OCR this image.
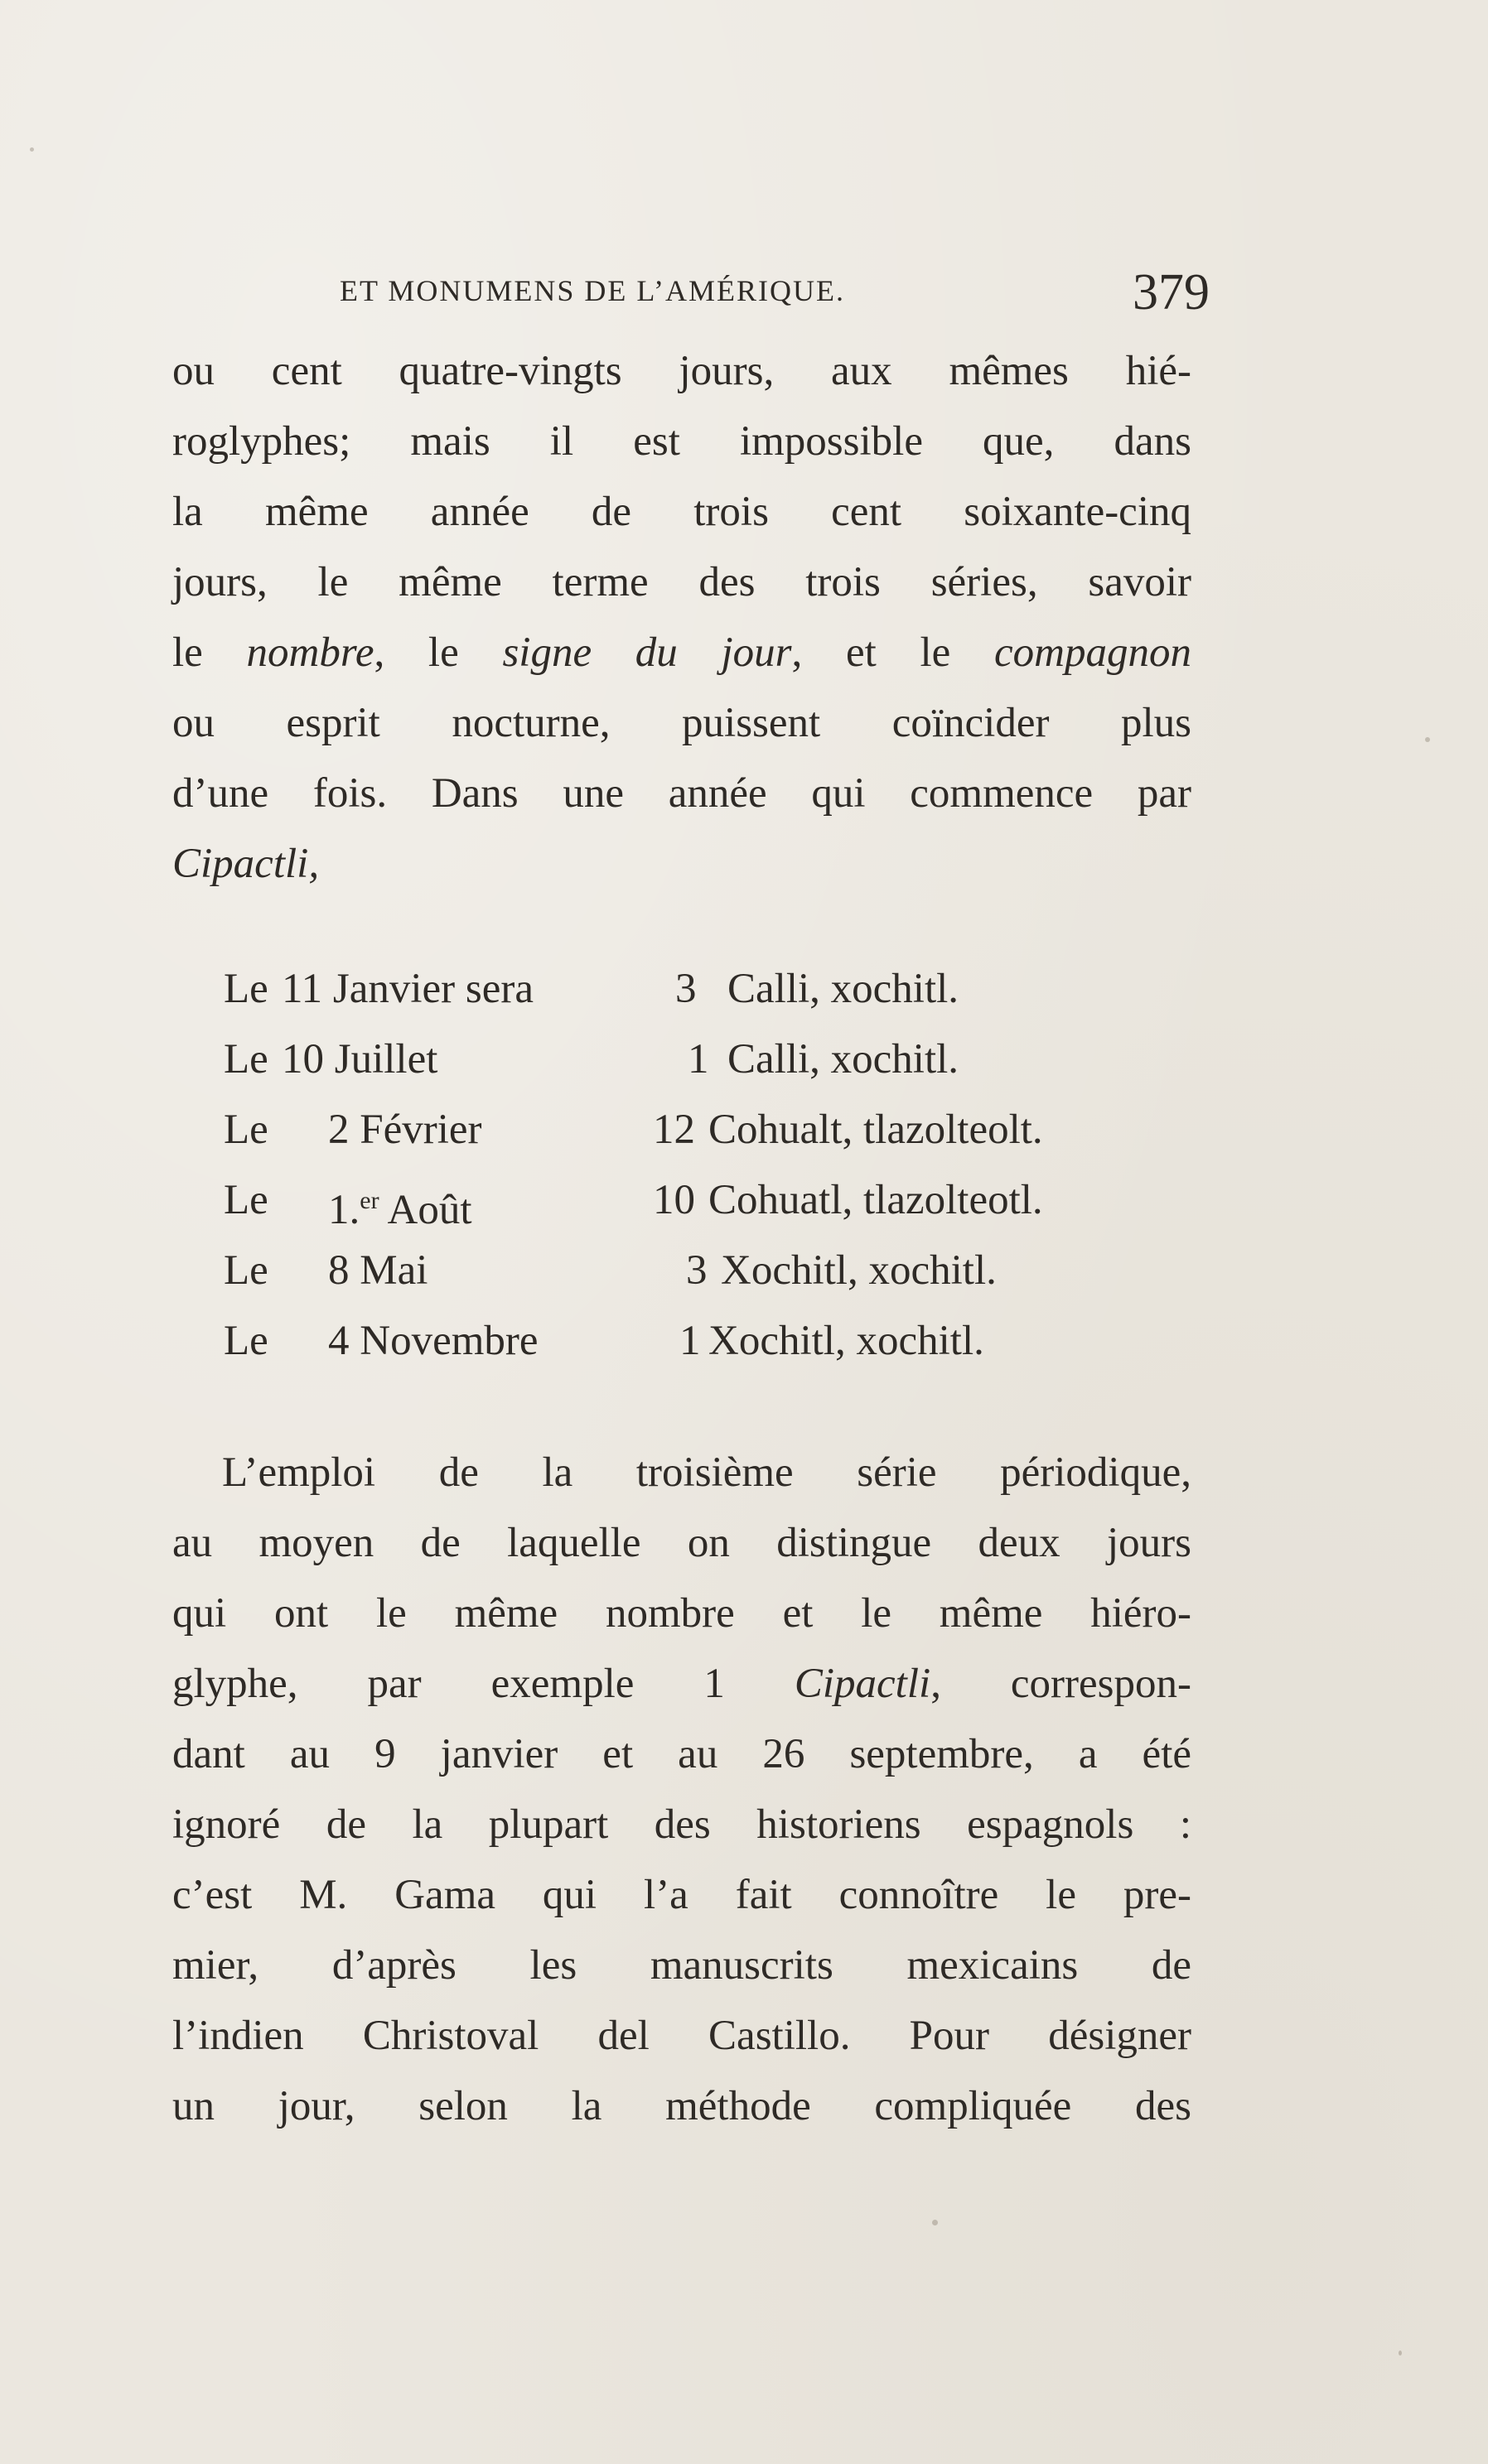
ET MONUMENS DE L’AMÉRIQUE.	379
ou cent quatre-vingts jours, aux mêmes hié-
roglyphes; mais il est impossible que, dans
la même année de trois cent soixante-cinq
jours, le même terme des trois séries, savoir
le nombre, le signe du jour, et le compagnon
ou esprit nocturne, puissent coïncider plus
d’une fois. Dans une année qui commence par
Cipactli,
Le 11 Janvier sera	3 Calli, xochitl.
Le 10 Juillet	1 Calli, xochitl.
Le 2 Février	12 Cohualt, tlazolteolt.
Le 1.$^{er}$ Août	10 Cohuatl, tlazolteotl.
Le 8 Mai	3 Xochitl, xochitl.
Le 4 Novembre	1 Xochitl, xochitl.
L’emploi de la troisième série périodique,
au moyen de laquelle on distingue deux jours
qui ont le même nombre et le même hiéro-
glyphe, par exemple 1 Cipactli, correspon-
dant au 9 janvier et au 26 septembre, a été
ignoré de la plupart des historiens espagnols :
c’est M. Gama qui l’a fait connoître le pre-
mier, d’après les manuscrits mexicains de
l’indien Christoval del Castillo. Pour désigner
un jour, selon la méthode compliquée des
